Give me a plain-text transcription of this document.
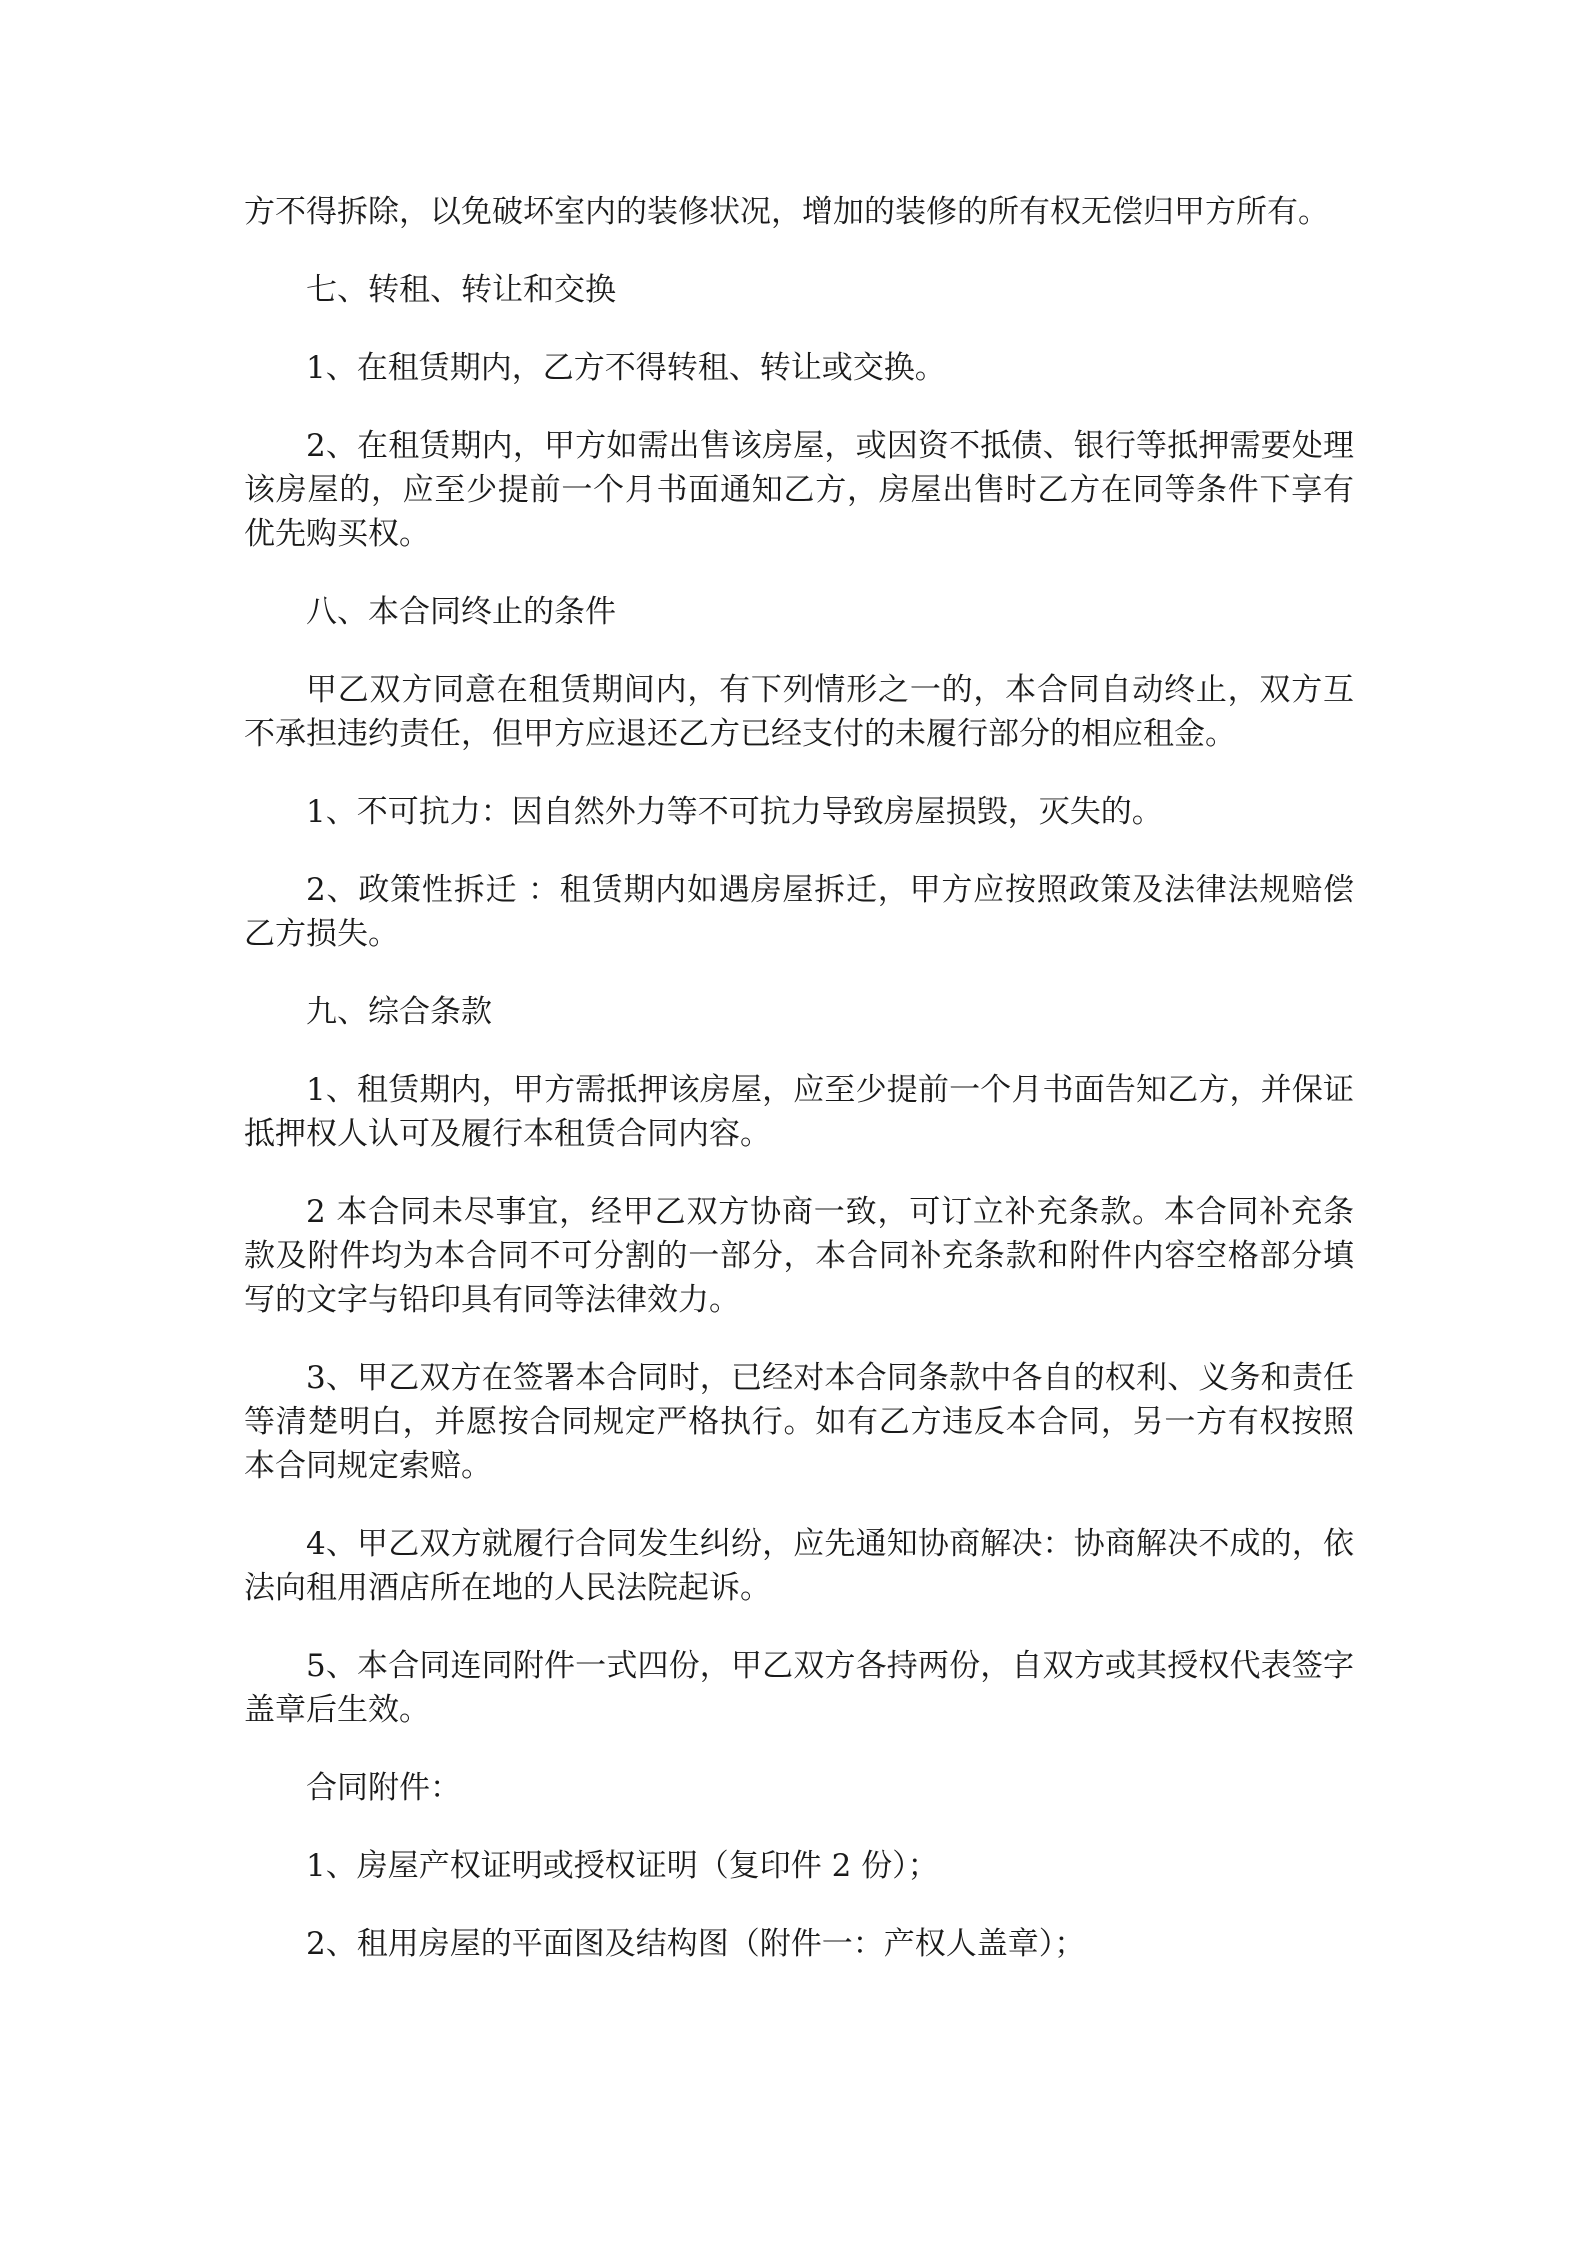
方不得拆除，以免破坏室内的装修状况，增加的装修的所有权无偿归甲方所有。

七、转租、转让和交换

1、在租赁期内，乙方不得转租、转让或交换。

2、在租赁期内，甲方如需出售该房屋，或因资不抵债、银行等抵押需要处理该房屋的，应至少提前一个月书面通知乙方，房屋出售时乙方在同等条件下享有优先购买权。

八、本合同终止的条件

甲乙双方同意在租赁期间内，有下列情形之一的，本合同自动终止，双方互不承担违约责任，但甲方应退还乙方已经支付的未履行部分的相应租金。

1、不可抗力：因自然外力等不可抗力导致房屋损毁，灭失的。

2、政策性拆迁 ：租赁期内如遇房屋拆迁，甲方应按照政策及法律法规赔偿乙方损失。

九、综合条款

1、租赁期内，甲方需抵押该房屋，应至少提前一个月书面告知乙方，并保证抵押权人认可及履行本租赁合同内容。

2 本合同未尽事宜，经甲乙双方协商一致，可订立补充条款。本合同补充条款及附件均为本合同不可分割的一部分，本合同补充条款和附件内容空格部分填写的文字与铅印具有同等法律效力。

3、甲乙双方在签署本合同时，已经对本合同条款中各自的权利、义务和责任等清楚明白，并愿按合同规定严格执行。如有乙方违反本合同，另一方有权按照本合同规定索赔。

4、甲乙双方就履行合同发生纠纷，应先通知协商解决：协商解决不成的，依法向租用酒店所在地的人民法院起诉。

5、本合同连同附件一式四份，甲乙双方各持两份，自双方或其授权代表签字盖章后生效。

合同附件：

1、房屋产权证明或授权证明（复印件 2 份）；

2、租用房屋的平面图及结构图（附件一：产权人盖章）；
